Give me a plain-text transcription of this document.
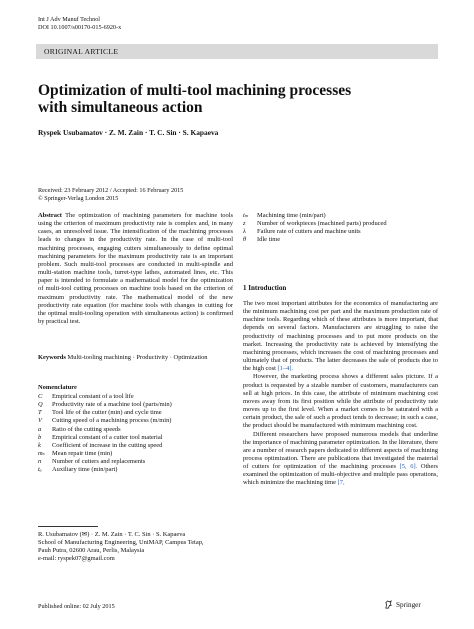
Int J Adv Manuf Technol
DOI 10.1007/s00170-015-6920-x
ORIGINAL ARTICLE
Optimization of multi-tool machining processes
with simultaneous action
Ryspek Usubamatov · Z. M. Zain · T. C. Sin · S. Kapaeva
Received: 23 February 2012 / Accepted: 16 February 2015
© Springer-Verlag London 2015
Abstract The optimization of machining parameters for machine tools using the criterion of maximum productivity rate is complex and, in many cases, an unresolved issue. The intensification of the machining processes leads to changes in the productivity rate. In the case of multi-tool machining processes, engaging cutters simultaneously to define optimal machining parameters for the maximum productivity rate is an important problem. Such multi-tool processes are conducted in multi-spindle and multi-station machine tools, turret-type lathes, automated lines, etc. This paper is intended to formulate a mathematical model for the optimization of multi-tool cutting processes on machine tools based on the criterion of maximum productivity rate. The mathematical model of the new productivity rate equation (for machine tools with changes in cutting for the optimal multi-tooling operation with simultaneous action) is confirmed by practical test.
Keywords Multi-tooling machining · Productivity · Optimization
Nomenclature
C	Empirical constant of a tool life
Q	Productivity rate of a machine tool (parts/min)
T	Tool life of the cutter (min) and cycle time
V	Cutting speed of a machining process (m/min)
a	Ratio of the cutting speeds
b	Empirical constant of a cutter tool material
k	Coefficient of increase in the cutting speed
mₛ	Mean repair time (min)
n	Number of cutters and replacements
tₐ	Auxiliary time (min/part)
R. Usubamatov (✉) · Z. M. Zain · T. C. Sin · S. Kapaeva
School of Manufacturing Engineering, UniMAP, Campus Tetap,
Pauh Putra, 02600 Arau, Perlis, Malaysia
e-mail: ryspek07@gmail.com
Published online: 02 July 2015
tₘ	Machining time (min/part)
z	Number of workpieces (machined parts) produced
λ	Failure rate of cutters and machine units
θ	Idle time
1 Introduction

The two most important attributes for the economics of manufacturing are the minimum machining cost per part and the maximum production rate of machine tools. Regarding which of these attributes is more important, that depends on several factors. Manufacturers are struggling to raise the productivity of machining processes and to put more products on the market. Increasing the productivity rate is achieved by intensifying the machining processes, which increases the cost of machining processes and ultimately that of products. The latter decreases the sale of products due to the high cost [1–4].

However, the marketing process shows a different sales picture. If a product is requested by a sizable number of customers, manufacturers can sell at high prices. In this case, the attribute of minimum machining cost moves away from its first position while the attribute of productivity rate moves up to the first level. When a market comes to be saturated with a certain product, the sale of such a product tends to decrease; in such a case, the product should be manufactured with minimum machining cost.

Different researchers have proposed numerous models that underline the importance of machining parameter optimization. In the literature, there are a number of research papers dedicated to different aspects of machining process optimization. There are publications that investigated the material of cutters for optimization of the machining processes [5, 6]. Others examined the optimization of multi-objective and multiple pass operations, which minimize the machining time [7,

Springer
